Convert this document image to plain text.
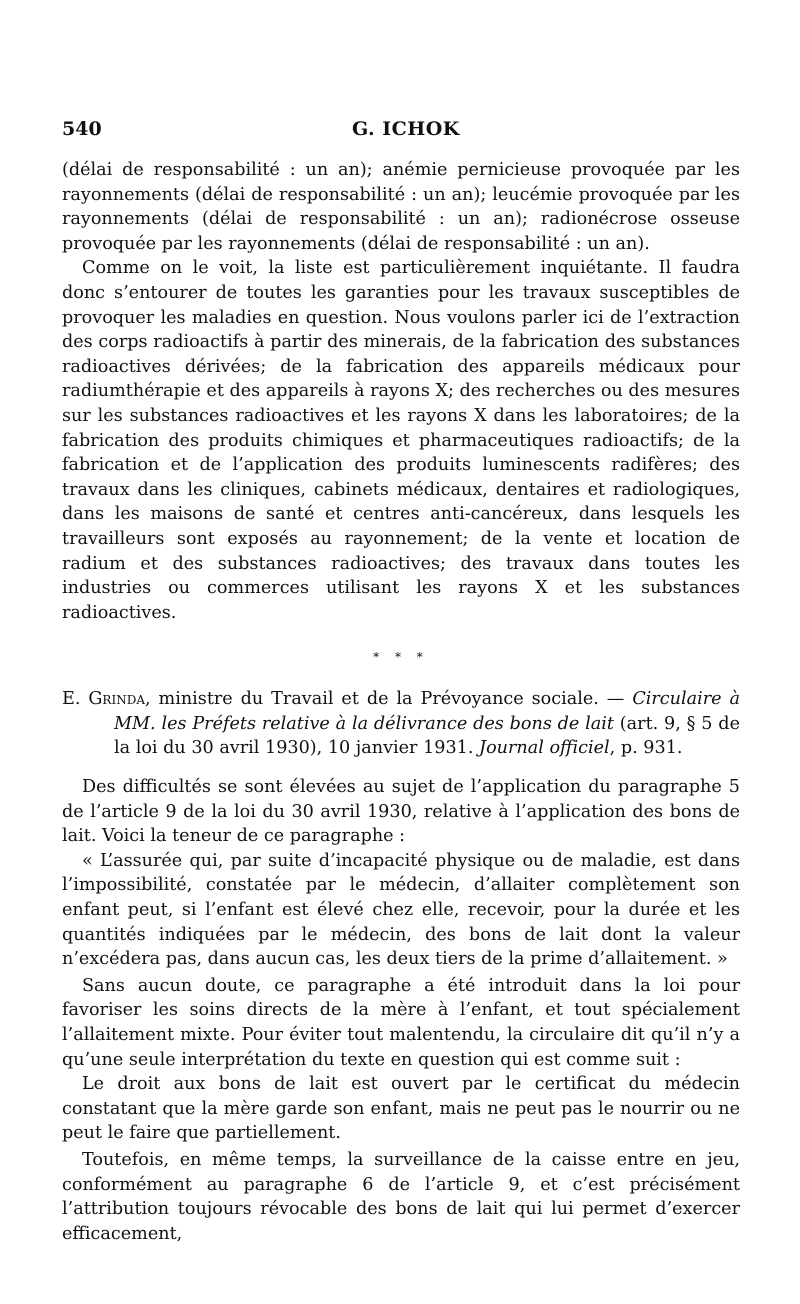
540	G. ICHOK

(délai de responsabilité : un an); anémie pernicieuse provoquée par les rayonnements (délai de responsabilité : un an); leucémie provoquée par les rayonnements (délai de responsabilité : un an); radionécrose osseuse provoquée par les rayonnements (délai de responsabilité : un an).

Comme on le voit, la liste est particulièrement inquiétante. Il faudra donc s’entourer de toutes les garanties pour les travaux susceptibles de provoquer les maladies en question. Nous voulons parler ici de l’extraction des corps radioactifs à partir des minerais, de la fabrication des substances radioactives dérivées; de la fabrication des appareils médicaux pour radiumthérapie et des appareils à rayons X; des recherches ou des mesures sur les substances radioactives et les rayons X dans les laboratoires; de la fabrication des produits chimiques et pharmaceutiques radioactifs; de la fabrication et de l’application des produits luminescents radifères; des travaux dans les cliniques, cabinets médicaux, dentaires et radiologiques, dans les maisons de santé et centres anti-cancéreux, dans lesquels les travailleurs sont exposés au rayonnement; de la vente et location de radium et des substances radioactives; des travaux dans toutes les industries ou commerces utilisant les rayons X et les substances radioactives.

* * *
E. Grinda, ministre du Travail et de la Prévoyance sociale. — Circulaire à MM. les Préfets relative à la délivrance des bons de lait (art. 9, § 5 de la loi du 30 avril 1930), 10 janvier 1931. Journal officiel, p. 931.

Des difficultés se sont élevées au sujet de l’application du paragraphe 5 de l’article 9 de la loi du 30 avril 1930, relative à l’application des bons de lait. Voici la teneur de ce paragraphe :

« L’assurée qui, par suite d’incapacité physique ou de maladie, est dans l’impossibilité, constatée par le médecin, d’allaiter complètement son enfant peut, si l’enfant est élevé chez elle, recevoir, pour la durée et les quantités indiquées par le médecin, des bons de lait dont la valeur n’excédera pas, dans aucun cas, les deux tiers de la prime d’allaitement. »

Sans aucun doute, ce paragraphe a été introduit dans la loi pour favoriser les soins directs de la mère à l’enfant, et tout spécialement l’allaitement mixte. Pour éviter tout malentendu, la circulaire dit qu’il n’y a qu’une seule interprétation du texte en question qui est comme suit :

Le droit aux bons de lait est ouvert par le certificat du médecin constatant que la mère garde son enfant, mais ne peut pas le nourrir ou ne peut le faire que partiellement.

Toutefois, en même temps, la surveillance de la caisse entre en jeu, conformément au paragraphe 6 de l’article 9, et c’est précisément l’attribution toujours révocable des bons de lait qui lui permet d’exercer efficacement,
